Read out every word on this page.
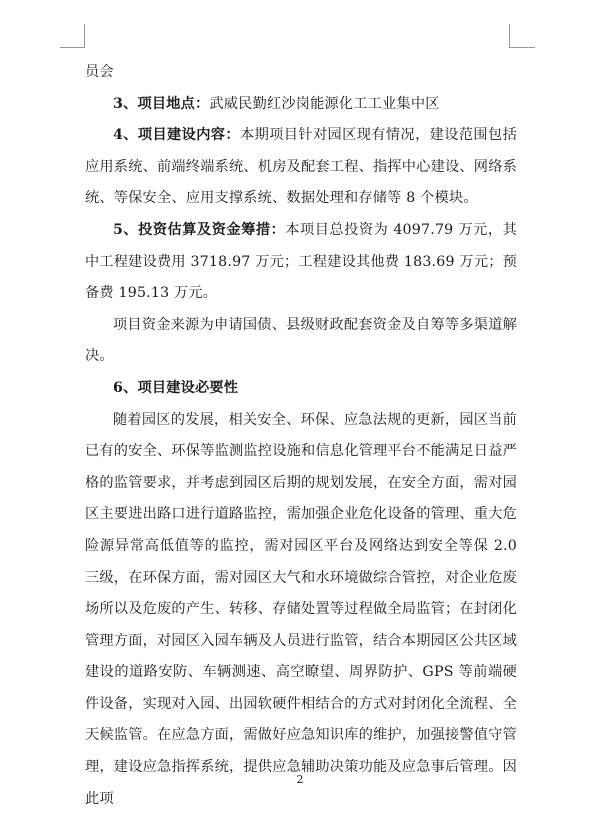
员会

3、项目地点：武威民勤红沙岗能源化工工业集中区

4、项目建设内容：本期项目针对园区现有情况，建设范围包括应用系统、前端终端系统、机房及配套工程、指挥中心建设、网络系统、等保安全、应用支撑系统、数据处理和存储等 8 个模块。

5、投资估算及资金筹措：本项目总投资为 4097.79 万元，其中工程建设费用 3718.97 万元；工程建设其他费 183.69 万元；预备费 195.13 万元。

项目资金来源为申请国债、县级财政配套资金及自筹等多渠道解决。

6、项目建设必要性

随着园区的发展，相关安全、环保、应急法规的更新，园区当前已有的安全、环保等监测监控设施和信息化管理平台不能满足日益严格的监管要求，并考虑到园区后期的规划发展，在安全方面，需对园区主要进出路口进行道路监控，需加强企业危化设备的管理、重大危险源异常高低值等的监控，需对园区平台及网络达到安全等保 2.0 三级，在环保方面，需对园区大气和水环境做综合管控，对企业危废场所以及危废的产生、转移、存储处置等过程做全局监管；在封闭化管理方面，对园区入园车辆及人员进行监管，结合本期园区公共区域建设的道路安防、车辆测速、高空瞭望、周界防护、GPS 等前端硬件设备，实现对入园、出园软硬件相结合的方式对封闭化全流程、全天候监管。在应急方面，需做好应急知识库的维护，加强接警值守管理，建设应急指挥系统，提供应急辅助决策功能及应急事后管理。因此项

2
